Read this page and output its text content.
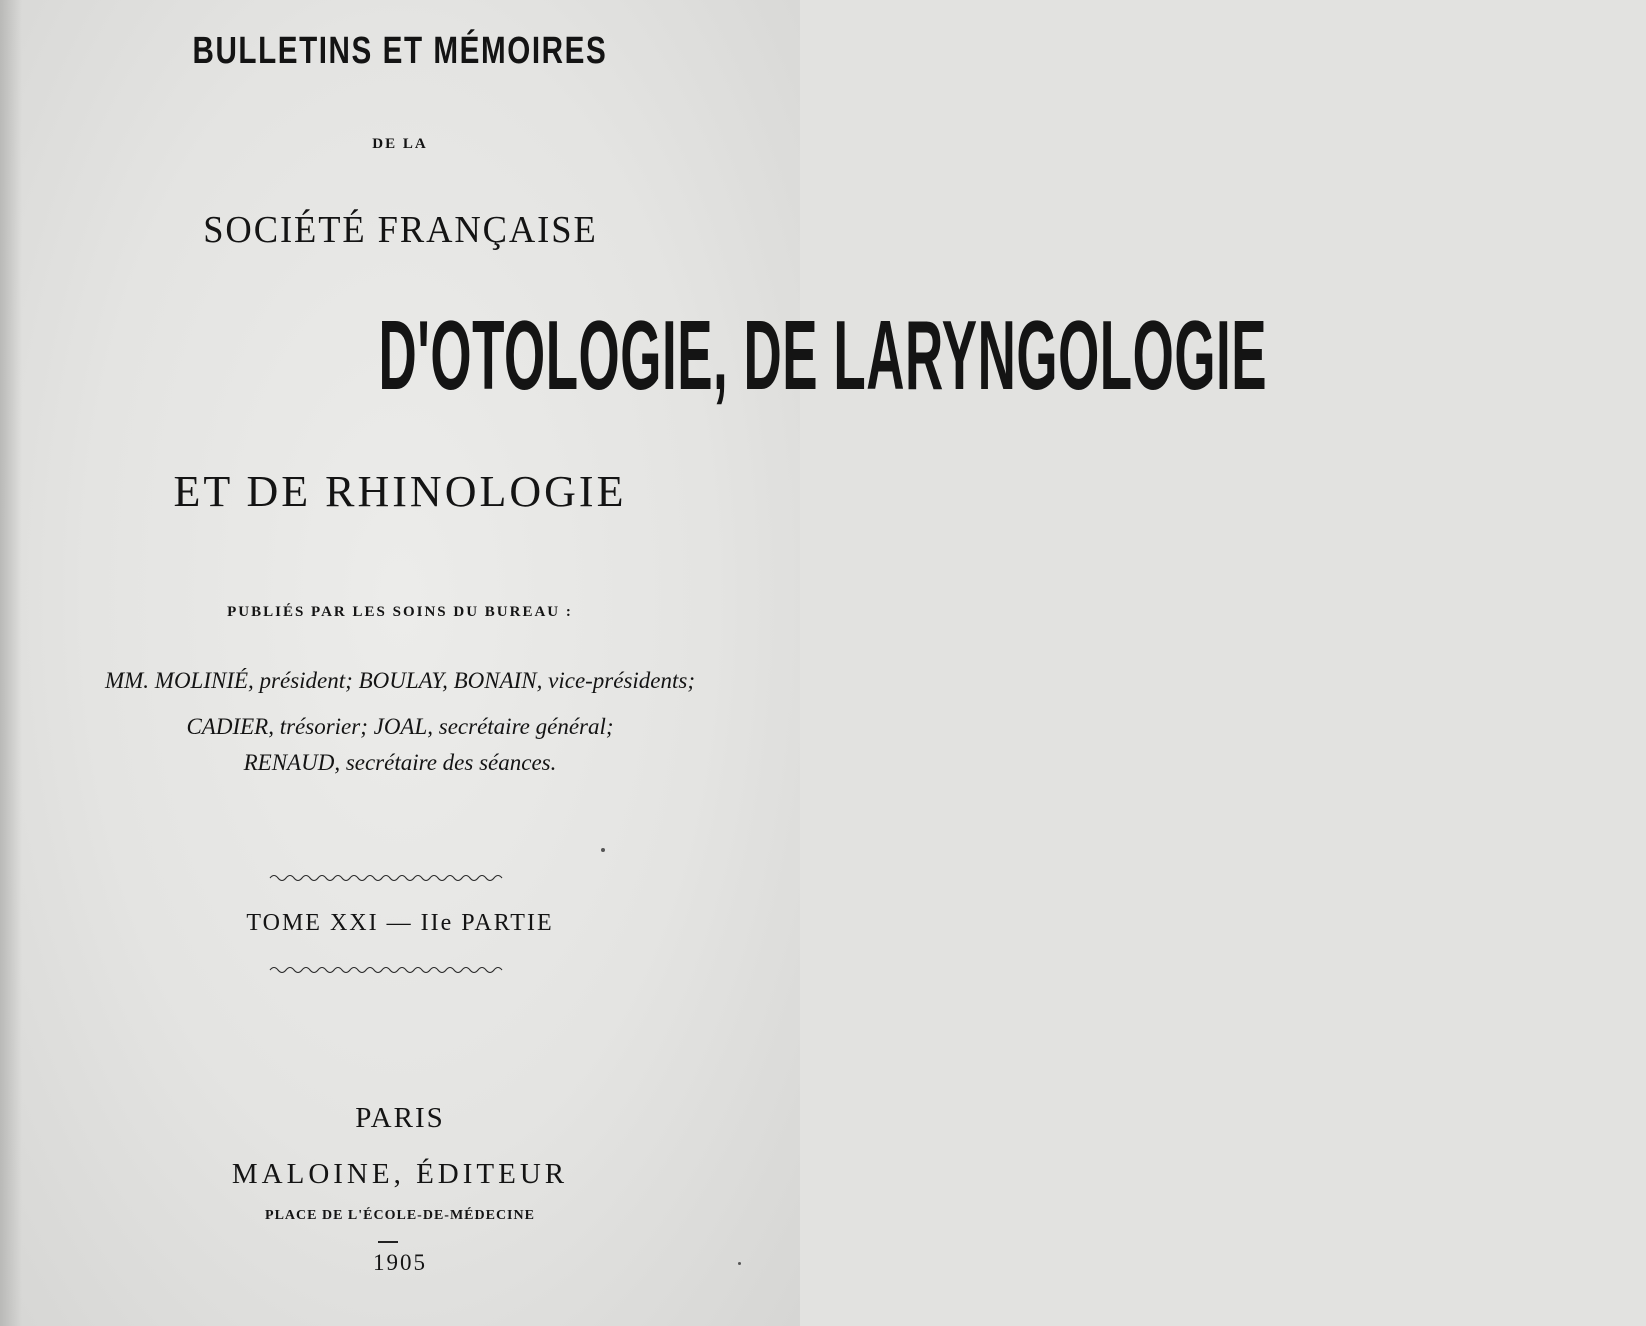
BULLETINS ET MÉMOIRES
DE LA
SOCIÉTÉ FRANÇAISE
D'OTOLOGIE, DE LARYNGOLOGIE
ET DE RHINOLOGIE
PUBLIÉS PAR LES SOINS DU BUREAU :
MM. MOLINIÉ, président; BOULAY, BONAIN, vice-présidents;
CADIER, trésorier; JOAL, secrétaire général;
RENAUD, secrétaire des séances.
TOME XXI — IIe PARTIE
PARIS
MALOINE, ÉDITEUR
PLACE DE L'ÉCOLE-DE-MÉDECINE
1905
